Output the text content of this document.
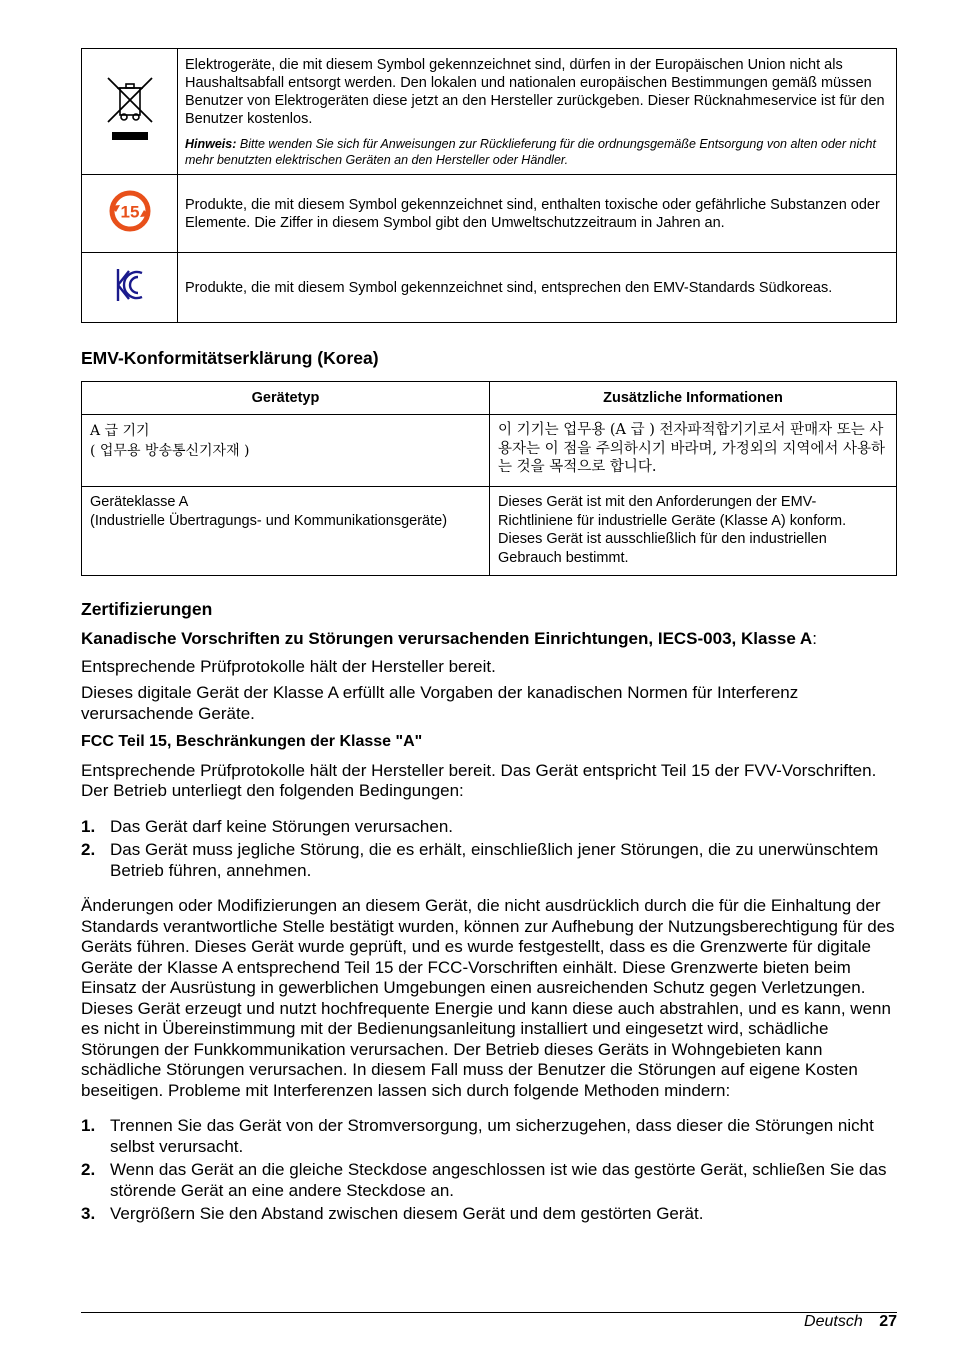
Elektrogeräte, die mit diesem Symbol gekennzeichnet sind, dürfen in der Europäischen Union nicht als Haushaltsabfall entsorgt werden. Den lokalen und nationalen europäischen Bestimmungen gemäß müssen Benutzer von Elektrogeräten diese jetzt an den Hersteller zurückgeben. Dieser Rücknahmeservice ist für den Benutzer kostenlos.
Hinweis: Bitte wenden Sie sich für Anweisungen zur Rücklieferung für die ordnungsgemäße Entsorgung von alten oder nicht mehr benutzten elektrischen Geräten an den Hersteller oder Händler.

15	Produkte, die mit diesem Symbol gekennzeichnet sind, enthalten toxische oder gefährliche Substanzen oder Elemente. Die Ziffer in diesem Symbol gibt den Umweltschutzzeitraum in Jahren an.
	Produkte, die mit diesem Symbol gekennzeichnet sind, entsprechen den EMV-Standards Südkoreas.
EMV-Konformitätserklärung (Korea)
Gerätetyp	Zusätzliche Informationen

A 급 기기
( 업무용 방송통신기자재 )	이 기기는 업무용 (A 급 ) 전자파적합기기로서 판매자 또는 사용자는 이 점을 주의하시기 바라며, 가정외의 지역에서 사용하는 것을 목적으로 합니다.

Geräteklasse A
(Industrielle Übertragungs- und Kommunikationsgeräte)	Dieses Gerät ist mit den Anforderungen der EMV-Richtliniene für industrielle Geräte (Klasse A) konform. Dieses Gerät ist ausschließlich für den industriellen Gebrauch bestimmt.
Zertifizierungen

Kanadische Vorschriften zu Störungen verursachenden Einrichtungen, IECS-003, Klasse A:

Entsprechende Prüfprotokolle hält der Hersteller bereit.

Dieses digitale Gerät der Klasse A erfüllt alle Vorgaben der kanadischen Normen für Interferenz verursachende Geräte.

FCC Teil 15, Beschränkungen der Klasse "A"

Entsprechende Prüfprotokolle hält der Hersteller bereit. Das Gerät entspricht Teil 15 der FVV-Vorschriften. Der Betrieb unterliegt den folgenden Bedingungen:

1. Das Gerät darf keine Störungen verursachen.
2. Das Gerät muss jegliche Störung, die es erhält, einschließlich jener Störungen, die zu unerwünschtem Betrieb führen, annehmen.

Änderungen oder Modifizierungen an diesem Gerät, die nicht ausdrücklich durch die für die Einhaltung der Standards verantwortliche Stelle bestätigt wurden, können zur Aufhebung der Nutzungsberechtigung für des Geräts führen. Dieses Gerät wurde geprüft, und es wurde festgestellt, dass es die Grenzwerte für digitale Geräte der Klasse A entsprechend Teil 15 der FCC-Vorschriften einhält. Diese Grenzwerte bieten beim Einsatz der Ausrüstung in gewerblichen Umgebungen einen ausreichenden Schutz gegen Verletzungen. Dieses Gerät erzeugt und nutzt hochfrequente Energie und kann diese auch abstrahlen, und es kann, wenn es nicht in Übereinstimmung mit der Bedienungsanleitung installiert und eingesetzt wird, schädliche Störungen der Funkkommunikation verursachen. Der Betrieb dieses Geräts in Wohngebieten kann schädliche Störungen verursachen. In diesem Fall muss der Benutzer die Störungen auf eigene Kosten beseitigen. Probleme mit Interferenzen lassen sich durch folgende Methoden mindern:

1. Trennen Sie das Gerät von der Stromversorgung, um sicherzugehen, dass dieser die Störungen nicht selbst verursacht.
2. Wenn das Gerät an die gleiche Steckdose angeschlossen ist wie das gestörte Gerät, schließen Sie das störende Gerät an eine andere Steckdose an.
3. Vergrößern Sie den Abstand zwischen diesem Gerät und dem gestörten Gerät.
Deutsch 27
